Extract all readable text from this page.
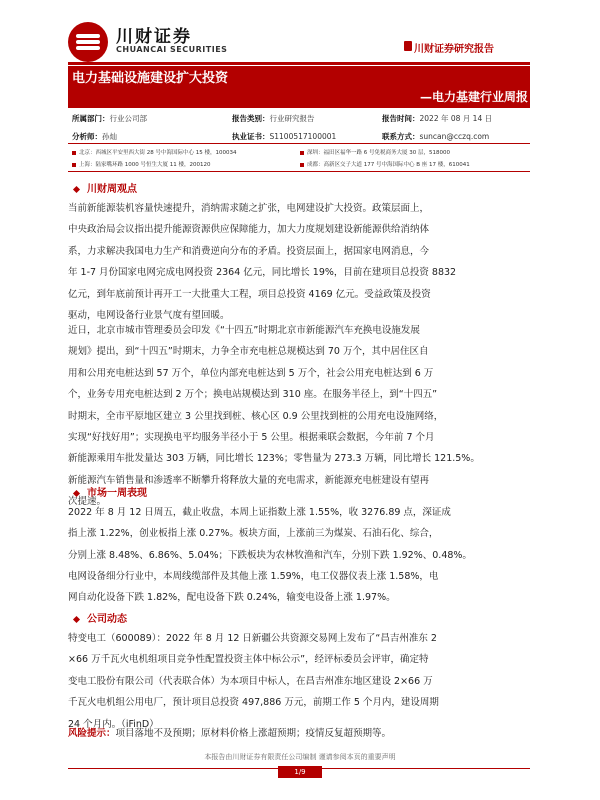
川财证券
CHUANCAI SECURITIES	川财证券研究报告
电力基础设施建设扩大投资
—电力基建行业周报
所属部门：行业公司部	报告类别：行业研究报告	报告时间：2022 年 08 月 14 日
分析师：孙灿	执业证书：S1100517100001	联系方式：suncan@cczq.com
北京：西城区平安里西大街 28 号中海国际中心 15 楼，100034
上海：陆家嘴环路 1000 号恒生大厦 11 楼，200120
深圳：福田区福华一路 6 号免税商务大厦 30 层，518000
成都：高新区交子大道 177 号中海国际中心 B 座 17 楼，610041
川财周观点
当前新能源装机容量快速提升，消纳需求随之扩张，电网建设扩大投资。政策层面上，
中央政治局会议指出提升能源资源供应保障能力，加大力度规划建设新能源供给消纳体
系，力求解决我国电力生产和消费逆向分布的矛盾。投资层面上，据国家电网消息，今
年 1-7 月份国家电网完成电网投资 2364 亿元，同比增长 19%，目前在建项目总投资 8832
亿元，到年底前预计再开工一大批重大工程，项目总投资 4169 亿元。受益政策及投资
驱动，电网设备行业景气度有望回暖。
近日，北京市城市管理委员会印发《“十四五”时期北京市新能源汽车充换电设施发展
规划》提出，到“十四五”时期末，力争全市充电桩总规模达到 70 万个，其中居住区自
用和公用充电桩达到 57 万个，单位内部充电桩达到 5 万个，社会公用充电桩达到 6 万
个，业务专用充电桩达到 2 万个；换电站规模达到 310 座。在服务半径上，到“十四五”
时期末，全市平原地区建立 3 公里找到桩、核心区 0.9 公里找到桩的公用充电设施网络，
实现“好找好用”；实现换电平均服务半径小于 5 公里。根据乘联会数据，今年前 7 个月
新能源乘用车批发量达 303 万辆，同比增长 123%；零售量为 273.3 万辆，同比增长 121.5%。
新能源汽车销售量和渗透率不断攀升将释放大量的充电需求，新能源充电桩建设有望再
次提速。
市场一周表现
2022 年 8 月 12 日周五，截止收盘，本周上证指数上涨 1.55%，收 3276.89 点，深证成
指上涨 1.22%，创业板指上涨 0.27%。板块方面，上涨前三为煤炭、石油石化、综合，
分别上涨 8.48%、6.86%、5.04%；下跌板块为农林牧渔和汽车，分别下跌 1.92%、0.48%。
电网设备细分行业中，本周线缆部件及其他上涨 1.59%，电工仪器仪表上涨 1.58%，电
网自动化设备下跌 1.82%，配电设备下跌 0.24%，输变电设备上涨 1.97%。
公司动态
特变电工（600089）：2022 年 8 月 12 日新疆公共资源交易网上发布了“昌吉州准东 2
×66 万千瓦火电机组项目竞争性配置投资主体中标公示”，经评标委员会评审，确定特
变电工股份有限公司（代表联合体）为本项目中标人，在昌吉州准东地区建设 2×66 万
千瓦火电机组公用电厂，预计项目总投资 497,886 万元，前期工作 5 个月内，建设周期
24 个月内。（iFinD）
风险提示：项目落地不及预期；原材料价格上涨超预期；疫情反复超预期等。
本报告由川财证券有限责任公司编制 谨请参阅本页的重要声明
1/9
